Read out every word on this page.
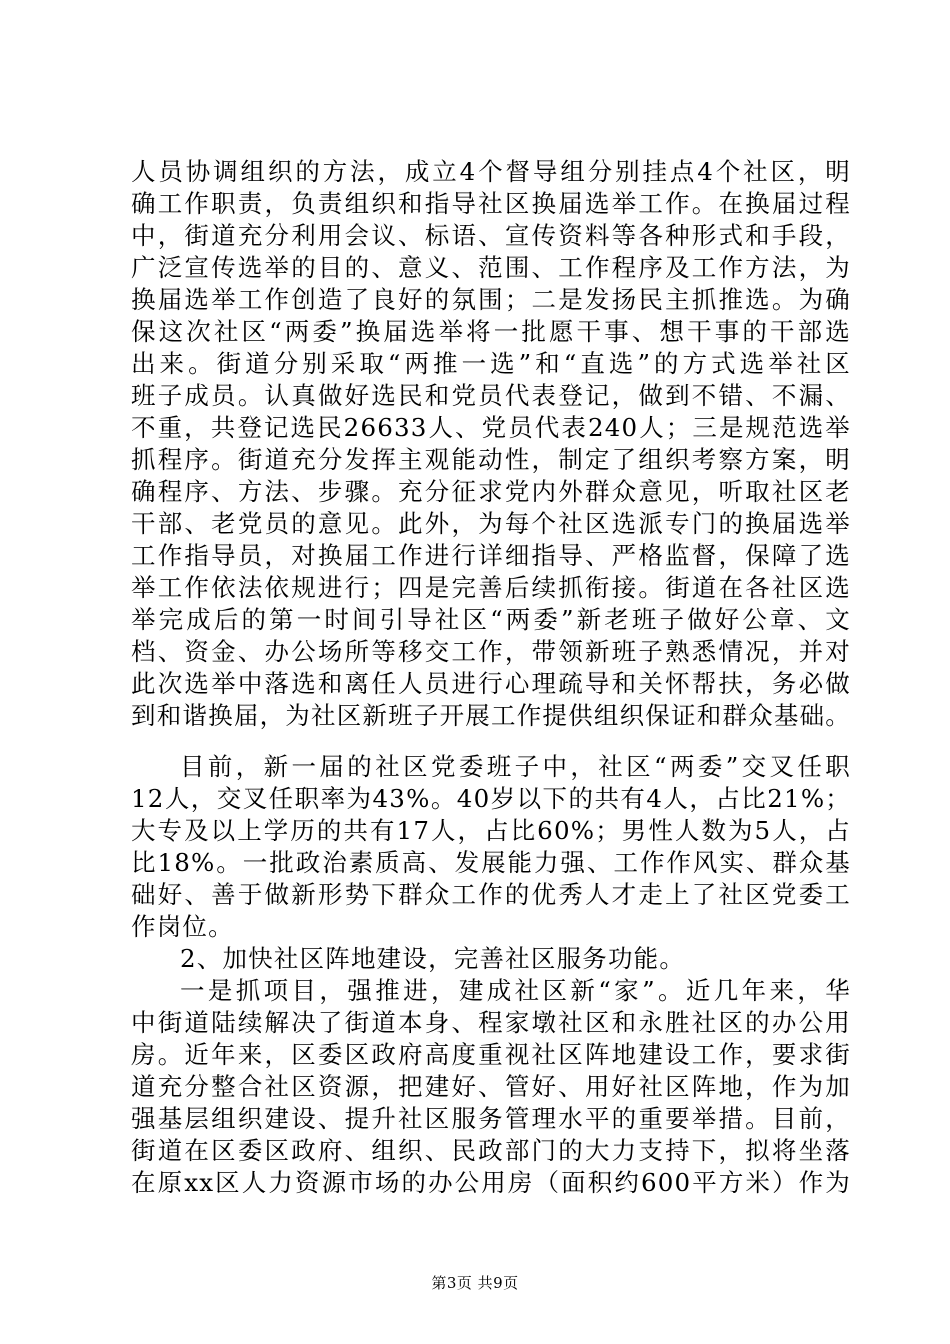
人员协调组织的方法，成立4个督导组分别挂点4个社区，明
确工作职责，负责组织和指导社区换届选举工作。在换届过程
中，街道充分利用会议、标语、宣传资料等各种形式和手段，
广泛宣传选举的目的、意义、范围、工作程序及工作方法，为
换届选举工作创造了良好的氛围；二是发扬民主抓推选。为确
保这次社区“两委”换届选举将一批愿干事、想干事的干部选
出来。街道分别采取“两推一选”和“直选”的方式选举社区
班子成员。认真做好选民和党员代表登记，做到不错、不漏、
不重，共登记选民26633人、党员代表240人；三是规范选举
抓程序。街道充分发挥主观能动性，制定了组织考察方案，明
确程序、方法、步骤。充分征求党内外群众意见，听取社区老
干部、老党员的意见。此外，为每个社区选派专门的换届选举
工作指导员，对换届工作进行详细指导、严格监督，保障了选
举工作依法依规进行；四是完善后续抓衔接。街道在各社区选
举完成后的第一时间引导社区“两委”新老班子做好公章、文
档、资金、办公场所等移交工作，带领新班子熟悉情况，并对
此次选举中落选和离任人员进行心理疏导和关怀帮扶，务必做
到和谐换届，为社区新班子开展工作提供组织保证和群众基础。
目前，新一届的社区党委班子中，社区“两委”交叉任职
12人，交叉任职率为43%。40岁以下的共有4人，占比21%；
大专及以上学历的共有17人，占比60%；男性人数为5人，占
比18%。一批政治素质高、发展能力强、工作作风实、群众基
础好、善于做新形势下群众工作的优秀人才走上了社区党委工
作岗位。
2、加快社区阵地建设，完善社区服务功能。
一是抓项目，强推进，建成社区新“家”。近几年来，华
中街道陆续解决了街道本身、程家墩社区和永胜社区的办公用
房。近年来，区委区政府高度重视社区阵地建设工作，要求街
道充分整合社区资源，把建好、管好、用好社区阵地，作为加
强基层组织建设、提升社区服务管理水平的重要举措。目前，
街道在区委区政府、组织、民政部门的大力支持下，拟将坐落
在原xx区人力资源市场的办公用房（面积约600平方米）作为
第3页 共9页
